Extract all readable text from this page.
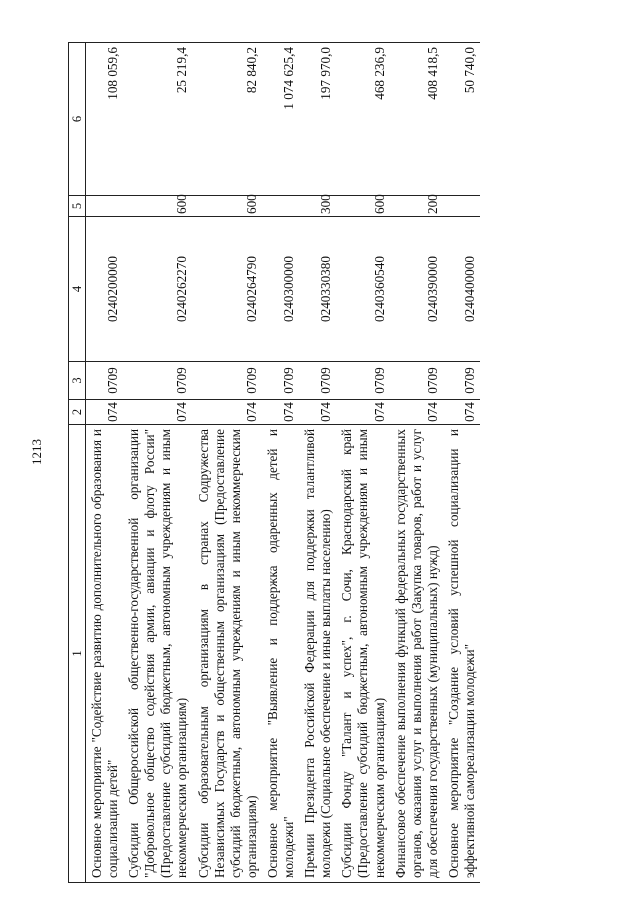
1213
1	2	3	4	5	6
Основное мероприятие "Содействие развитию дополнительного образования и социализации детей"	074	0709	0240200000		108 059,6
Субсидии Общероссийской общественно-государственной организации "Добровольное общество содействия армии, авиации и флоту России" (Предоставление субсидий бюджетным, автономным учреждениям и иным некоммерческим организациям)	074	0709	0240262270	600	25 219,4
Субсидии образовательным организациям в странах Содружества Независимых Государств и общественным организациям (Предоставление субсидий бюджетным, автономным учреждениям и иным некоммерческим организациям)	074	0709	0240264790	600	82 840,2
Основное мероприятие "Выявление и поддержка одаренных детей и молодежи"	074	0709	0240300000		1 074 625,4
Премии Президента Российской Федерации для поддержки талантливой молодежи (Социальное обеспечение и иные выплаты населению)	074	0709	0240330380	300	197 970,0
Субсидии Фонду "Талант и успех", г. Сочи, Краснодарский край (Предоставление субсидий бюджетным, автономным учреждениям и иным некоммерческим организациям)	074	0709	0240360540	600	468 236,9
Финансовое обеспечение выполнения функций федеральных государственных органов, оказания услуг и выполнения работ (Закупка товаров, работ и услуг для обеспечения государственных (муниципальных) нужд)	074	0709	0240390000	200	408 418,5
Основное мероприятие "Создание условий успешной социализации и эффективной самореализации молодежи"	074	0709	0240400000		50 740,0
